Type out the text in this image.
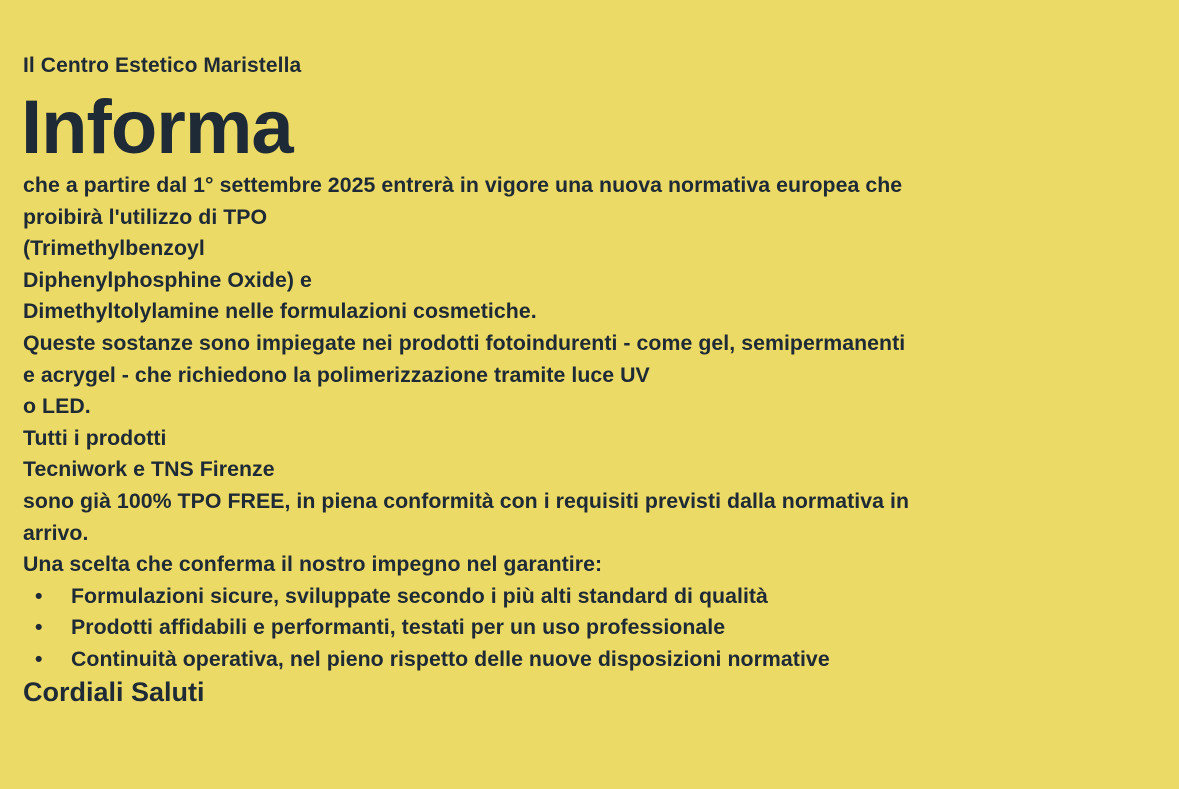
Il Centro Estetico Maristella

Informa
che a partire dal 1° settembre 2025 entrerà in vigore una nuova normativa europea che
proibirà l'utilizzo di TPO
(Trimethylbenzoyl
Diphenylphosphine Oxide) e
Dimethyltolylamine nelle formulazioni cosmetiche.
Queste sostanze sono impiegate nei prodotti fotoindurenti - come gel, semipermanenti
e acrygel - che richiedono la polimerizzazione tramite luce UV
o LED.
Tutti i prodotti
Tecniwork e TNS Firenze
sono già 100% TPO FREE, in piena conformità con i requisiti previsti dalla normativa in
arrivo.
Una scelta che conferma il nostro impegno nel garantire:
• Formulazioni sicure, sviluppate secondo i più alti standard di qualità
• Prodotti affidabili e performanti, testati per un uso professionale
• Continuità operativa, nel pieno rispetto delle nuove disposizioni normative
Cordiali Saluti
